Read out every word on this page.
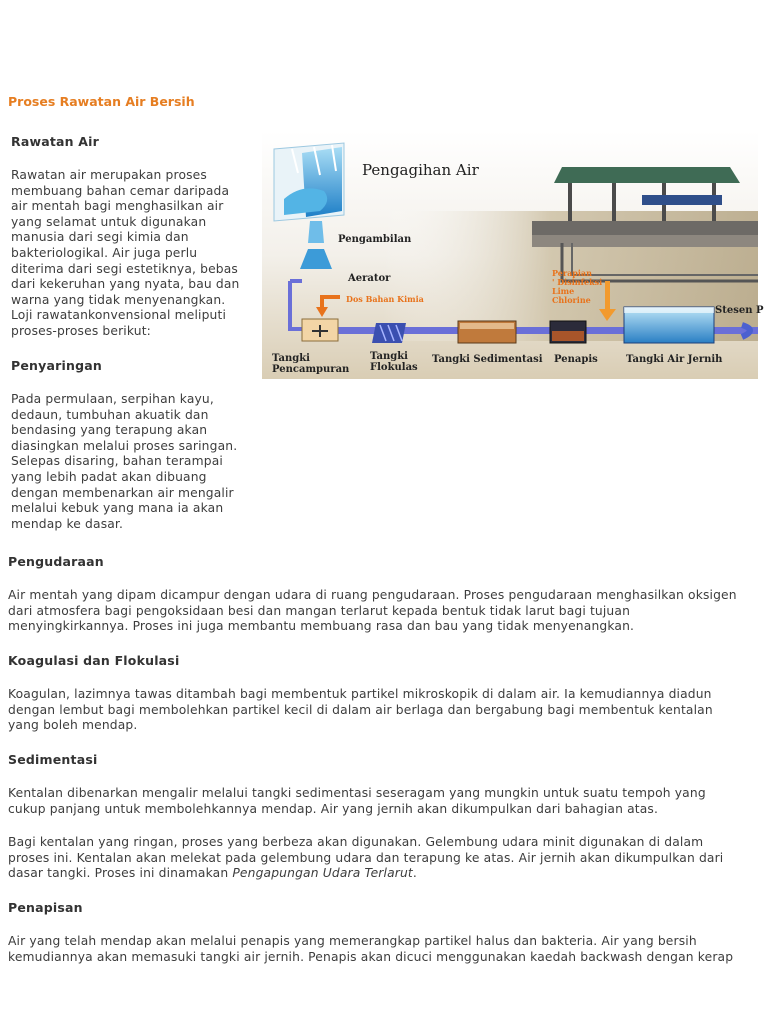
Proses Rawatan Air Bersih
Rawatan Air

Rawatan air merupakan proses

membuang bahan cemar daripada

air mentah bagi menghasilkan air

yang selamat untuk digunakan

manusia dari segi kimia dan

bakteriologikal. Air juga perlu

diterima dari segi estetiknya, bebas

dari kekeruhan yang nyata, bau dan

warna yang tidak menyenangkan.

Loji rawatankonvensional meliputi

proses-proses berikut:

Penyaringan

Pada permulaan, serpihan kayu,

dedaun, tumbuhan akuatik dan

bendasing yang terapung akan

diasingkan melalui proses saringan.

Selepas disaring, bahan terampai

yang lebih padat akan dibuang

dengan membenarkan air mengalir

melalui kebuk yang mana ia akan

mendap ke dasar.

Pengagihan Air
Pengambilan
Aerator
Dos Bahan Kimia
Perapian
' Disinfeksi
Lime
Chlorine
Stesen P
Tangki
Pencampuran
Tangki
Flokulas
Tangki Sedimentasi Penapis	Tangki Air Jernih
Pengudaraan

Air mentah yang dipam dicampur dengan udara di ruang pengudaraan. Proses pengudaraan menghasilkan oksigen

dari atmosfera bagi pengoksidaan besi dan mangan terlarut kepada bentuk tidak larut bagi tujuan

menyingkirkannya. Proses ini juga membantu membuang rasa dan bau yang tidak menyenangkan.

Koagulasi dan Flokulasi

Koagulan, lazimnya tawas ditambah bagi membentuk partikel mikroskopik di dalam air. Ia kemudiannya diadun

dengan lembut bagi membolehkan partikel kecil di dalam air berlaga dan bergabung bagi membentuk kentalan

yang boleh mendap.

Sedimentasi

Kentalan dibenarkan mengalir melalui tangki sedimentasi seseragam yang mungkin untuk suatu tempoh yang

cukup panjang untuk membolehkannya mendap. Air yang jernih akan dikumpulkan dari bahagian atas.

Bagi kentalan yang ringan, proses yang berbeza akan digunakan. Gelembung udara minit digunakan di dalam

proses ini. Kentalan akan melekat pada gelembung udara dan terapung ke atas. Air jernih akan dikumpulkan dari

dasar tangki. Proses ini dinamakan Pengapungan Udara Terlarut.

Penapisan

Air yang telah mendap akan melalui penapis yang memerangkap partikel halus dan bakteria. Air yang bersih

kemudiannya akan memasuki tangki air jernih. Penapis akan dicuci menggunakan kaedah backwash dengan kerap
